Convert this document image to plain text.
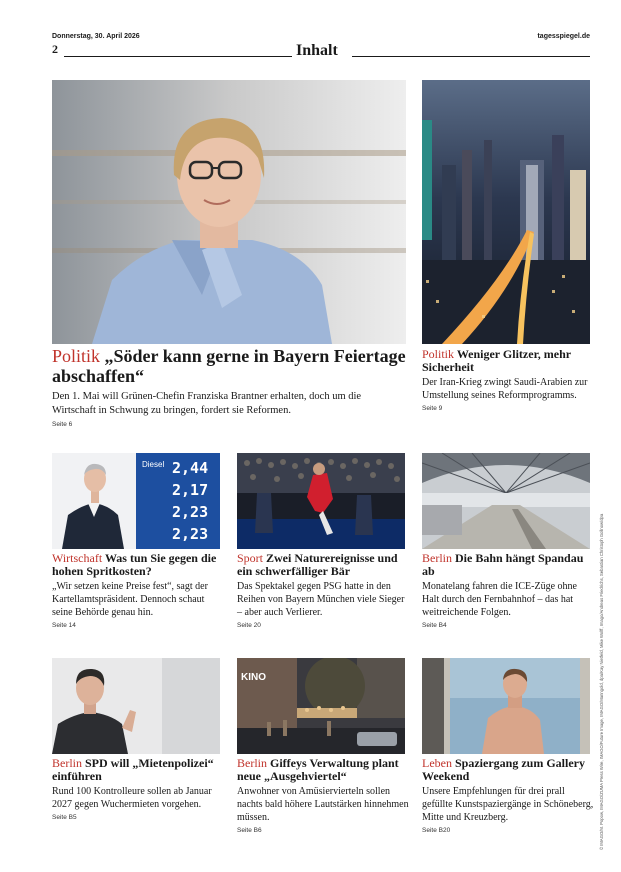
Donnerstag, 30. April 2026	tagesspiegel.de
2	Inhalt
Politik „Söder kann gerne in Bayern Feiertage abschaffen“
Den 1. Mai will Grünen-Chefin Franziska Brantner erhalten, doch um die Wirtschaft in Schwung zu bringen, fordert sie Reformen.
Seite 6
Politik Weniger Glitzer, mehr Sicherheit
Der Iran-Krieg zwingt Saudi-Arabien zur Umstellung seines Reformprogramms.
Seite 9
Diesel 2,44
2,17
2,23
2,23
Wirtschaft Was tun Sie gegen die hohen Spritkosten?
„Wir setzen keine Preise fest“, sagt der Kartellamtspräsident. Dennoch schaut seine Behörde genau hin.
Seite 14
Sport Zwei Naturereignisse und ein schwerfälliger Bär
Das Spektakel gegen PSG hatte in den Reihen von Bayern München viele Sieger – aber auch Verlierer.
Seite 20
Berlin Die Bahn hängt Spandau ab
Monatelang fahren die ICE-Züge ohne Halt durch den Fernbahnhof – das hat weitreichende Folgen.
Seite B4
KINO
Berlin SPD will „Mietenpolizei“ einführen
Rund 100 Kontrolleure sollen ab Januar 2027 gegen Wuchermieten vorgehen.
Seite B5
Berlin Giffeys Verwaltung plant neue „Ausgehviertel“
Anwohner von Amüsiervierteln sollen nachts bald höhere Lautstärken hinnehmen müssen.
Seite B6
Leben Spaziergang zum Gallery Weekend
Unsere Empfehlungen für drei prall gefüllte Kunstspaziergänge in Schöneberg, Mitte und Kreuzberg.
Seite B20	© IMAGO/M. Popow, IMAGO/ZUMA Press Wire, IMAGO/Future Image, IMAGO/Manngold, dpa/Kay Nietfeld, Mike Wolff, Imago/Andreas Friedrichs, Sebastian Christoph Gollnow/dpa
